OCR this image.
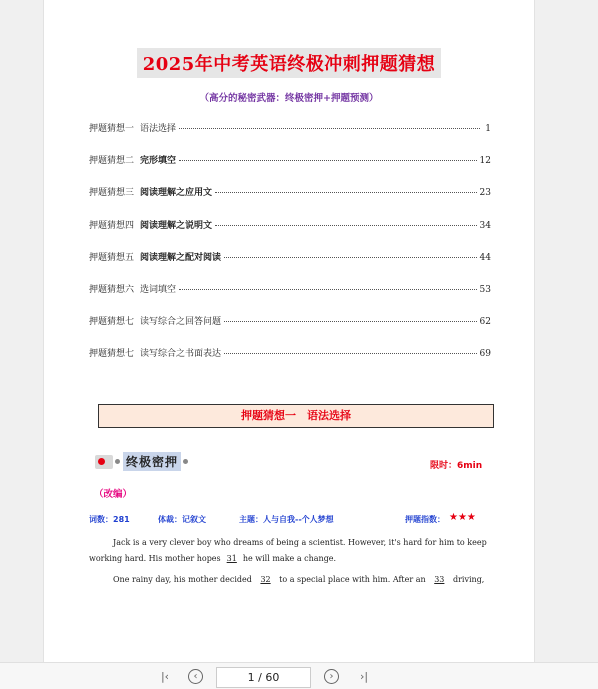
2025年中考英语终极冲刺押题猜想
（高分的秘密武器：终极密押+押题预测）
押题猜想一 语法选择	1
押题猜想二 完形填空	12
押题猜想三 阅读理解之应用文	23
押题猜想四 阅读理解之说明文	34
押题猜想五 阅读理解之配对阅读	44
押题猜想六 选词填空	53
押题猜想七 读写综合之回答问题	62
押题猜想七 读写综合之书面表达	69
押题猜想一　语法选择
终极密押	限时：6min
（改编）
词数：281	体裁：记叙文	主题：人与自我--个人梦想	押题指数： ★★★

Jack is a very clever boy who dreams of being a scientist. However, it's hard for him to keep working hard. His mother hopes 31 he will make a change.

One rainy day, his mother decided 32 to a special place with him. After an 33 driving,

|‹	‹	1 / 60	›	›|
